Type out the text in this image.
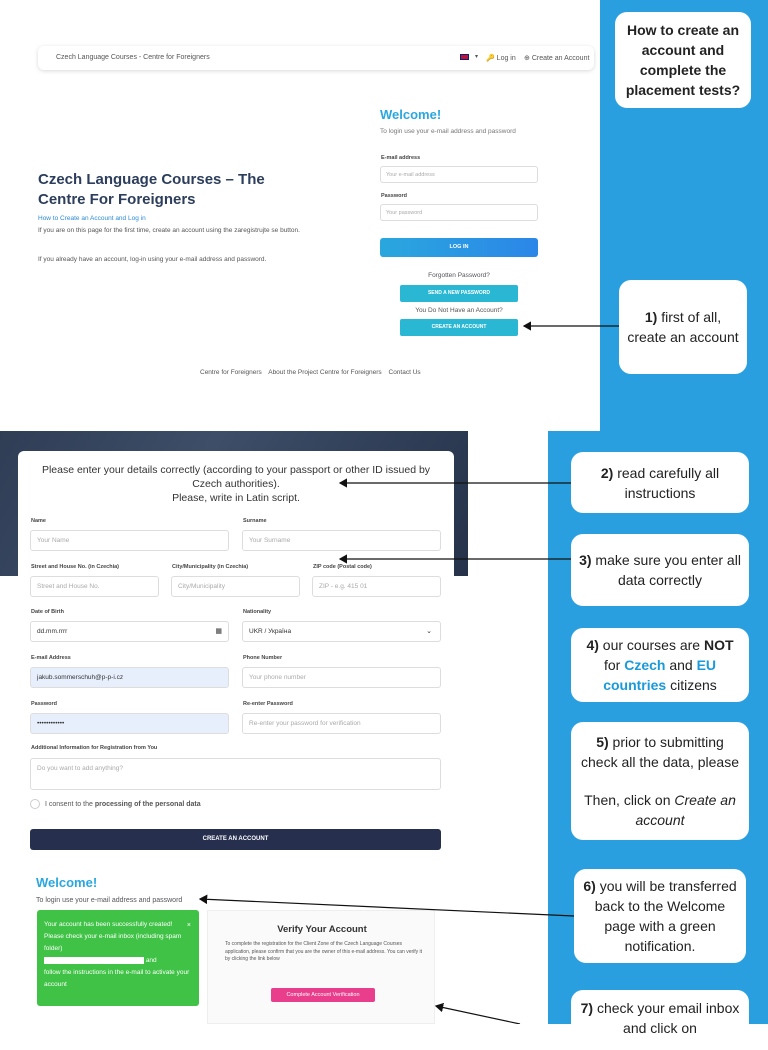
Czech Language Courses - Centre for Foreigners	▾ 🔑 Log in ⊕ Create an Account
Czech Language Courses – The Centre For Foreigners
How to Create an Account and Log in
If you are on this page for the first time, create an account using the zaregistrujte se button.
If you already have an account, log-in using your e-mail address and password.
Welcome!
To login use your e-mail address and password
E-mail address
Your e-mail address
Password
Your password
LOG IN
Forgotten Password?
SEND A NEW PASSWORD
You Do Not Have an Account?
CREATE AN ACCOUNT
Centre for Foreigners About the Project Centre for Foreigners Contact Us
Please enter your details correctly (according to your passport or other ID issued by Czech authorities).
Please, write in Latin script.
Name
Your Name
Surname
Your Surname
Street and House No. (in Czechia)
Street and House No.
City/Municipality (in Czechia)
City/Municipality
ZIP code (Postal code)
ZIP - e.g. 415 01
Date of Birth
dd.mm.rrrr	▦
Nationality
UKR / Україна	⌄
E-mail Address
jakub.sommerschuh@p-p-i.cz
Phone Number
Your phone number
Password
••••••••••••
Re-enter Password
Re-enter your password for verification
Additional Information for Registration from You
Do you want to add anything?
I consent to the processing of the personal data
CREATE AN ACCOUNT
Welcome!
To login use your e-mail address and password
×
Your account has been successfully created!
Please check your e-mail inbox (including spam folder)
and
follow the instructions in the e-mail to activate your account
Verify Your Account
To complete the registration for the Client Zone of the Czech Language Courses application, please confirm that you are the owner of this e-mail address. You can verify it by clicking the link below
Complete Account Verification
How to create an account and complete the placement tests?
1) first of all, create an account
2) read carefully all instructions
3) make sure you enter all data correctly
4) our courses are NOT for Czech and EU countries citizens
5) prior to submitting check all the data, please
Then, click on Create an account
6) you will be transferred back to the Welcome page with a green notification.
7) check your email inbox and click on
